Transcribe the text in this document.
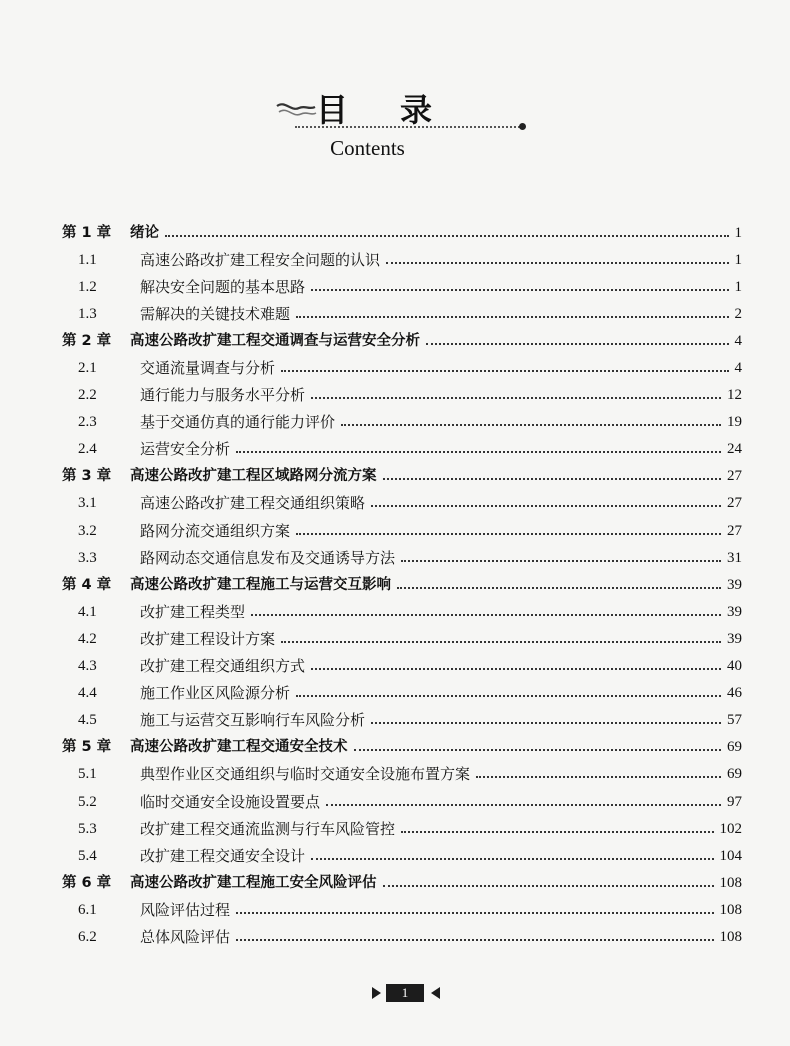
目录
Contents
第 1 章	绪论	1
1.1	高速公路改扩建工程安全问题的认识	1
1.2	解决安全问题的基本思路	1
1.3	需解决的关键技术难题	2
第 2 章	高速公路改扩建工程交通调查与运营安全分析	4
2.1	交通流量调查与分析	4
2.2	通行能力与服务水平分析	12
2.3	基于交通仿真的通行能力评价	19
2.4	运营安全分析	24
第 3 章	高速公路改扩建工程区域路网分流方案	27
3.1	高速公路改扩建工程交通组织策略	27
3.2	路网分流交通组织方案	27
3.3	路网动态交通信息发布及交通诱导方法	31
第 4 章	高速公路改扩建工程施工与运营交互影响	39
4.1	改扩建工程类型	39
4.2	改扩建工程设计方案	39
4.3	改扩建工程交通组织方式	40
4.4	施工作业区风险源分析	46
4.5	施工与运营交互影响行车风险分析	57
第 5 章	高速公路改扩建工程交通安全技术	69
5.1	典型作业区交通组织与临时交通安全设施布置方案	69
5.2	临时交通安全设施设置要点	97
5.3	改扩建工程交通流监测与行车风险管控	102
5.4	改扩建工程交通安全设计	104
第 6 章	高速公路改扩建工程施工安全风险评估	108
6.1	风险评估过程	108
6.2	总体风险评估	108
1
